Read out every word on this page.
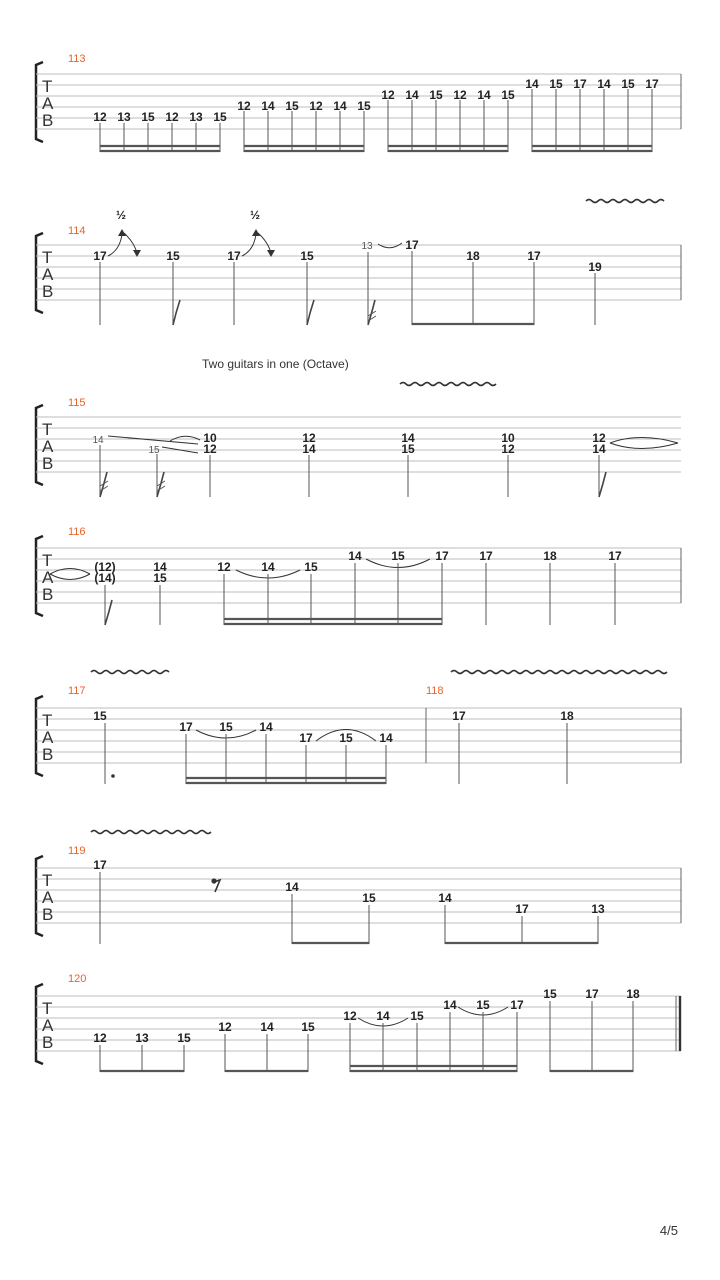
T
A
B
113
12 13 15 12 13 15
12 14 15 12 14 15
12 14 15 12 14 15
14 15 17 14 15 17
T
A
B
114
½	½
17	15	17	15
13	17
18	17
19
Two guitars in one (Octave)
T
A
B
115
14
15
10
12
12
14
14
15
10
12
12
14
T
A
B
116
(12)
(14)
14
15
12	14 15
14 15	17	17	18	17
T
A
B
117	118
15
17 15 14
17 15 14
17	18
T
A
B
119
17
14
15	14
17	13
T
A
B
120
12 13 15
12 14 15
12 14 15
14 15 17
15 17 18
4/5
